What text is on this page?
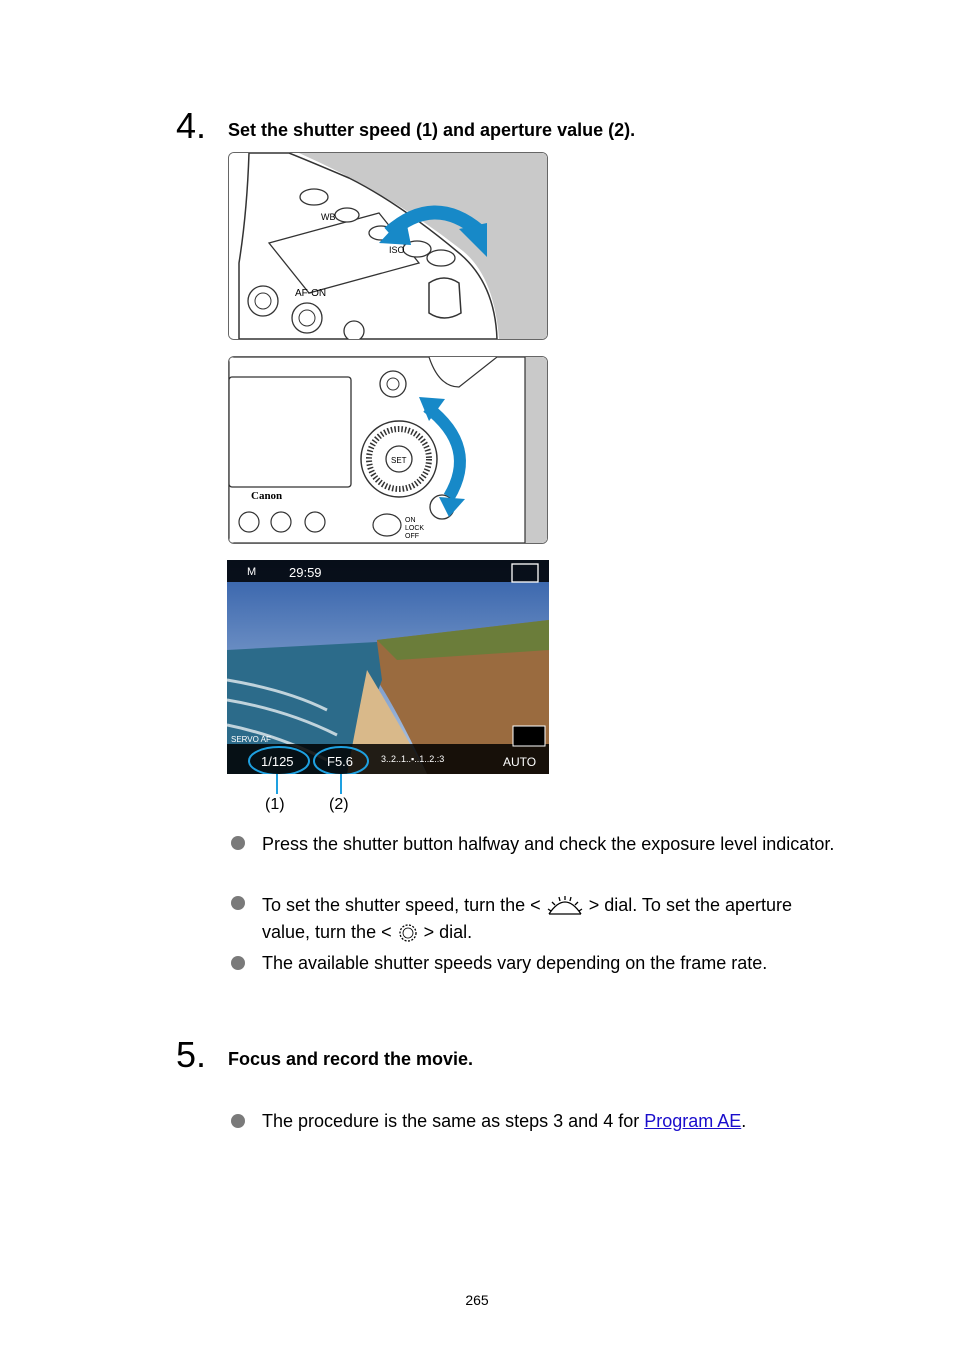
4. Set the shutter speed (1) and aperture value (2).
WB
ISO
AF-ON
Canon
SET
ON
LOCK
OFF
M	29:59
SERVO AF
1/125	F5.6	3..2..1..▪..1..2.:3	AUTO
(1)	(2)
Press the shutter button halfway and check the exposure level indicator.
To set the shutter speed, turn the <	> dial. To set the aperture value, turn the < > dial.
The available shutter speeds vary depending on the frame rate.
5. Focus and record the movie.
The procedure is the same as steps 3 and 4 for Program AE.
265
